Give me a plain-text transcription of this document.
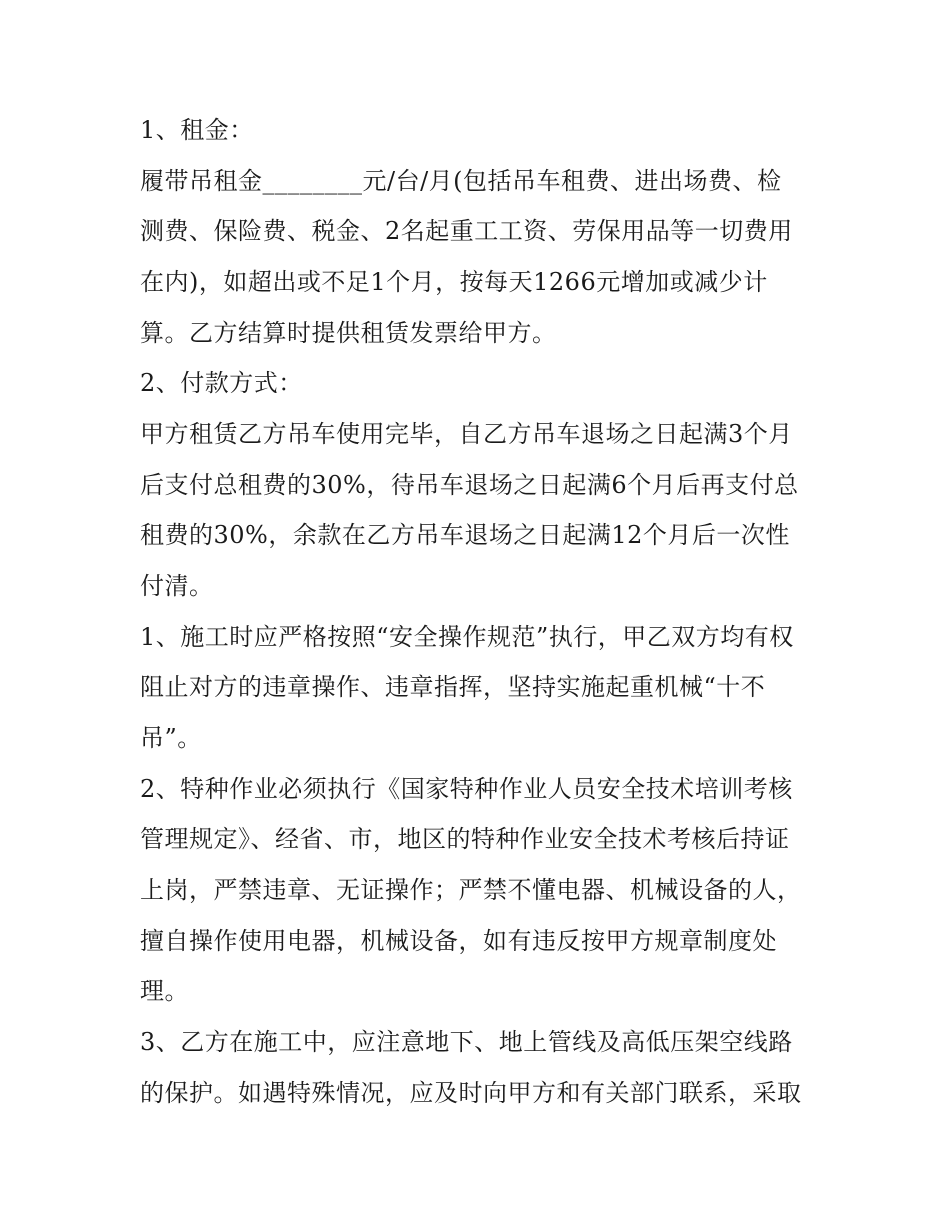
1、租金：
履带吊租金________元/台/月(包括吊车租费、进出场费、检
测费、保险费、税金、2名起重工工资、劳保用品等一切费用
在内)，如超出或不足1个月，按每天1266元增加或减少计
算。乙方结算时提供租赁发票给甲方。
2、付款方式：
甲方租赁乙方吊车使用完毕，自乙方吊车退场之日起满3个月
后支付总租费的30%，待吊车退场之日起满6个月后再支付总
租费的30%，余款在乙方吊车退场之日起满12个月后一次性
付清。
1、施工时应严格按照“安全操作规范”执行，甲乙双方均有权
阻止对方的违章操作、违章指挥，坚持实施起重机械“十不
吊”。
2、特种作业必须执行《国家特种作业人员安全技术培训考核
管理规定》、经省、市，地区的特种作业安全技术考核后持证
上岗，严禁违章、无证操作；严禁不懂电器、机械设备的人，
擅自操作使用电器，机械设备，如有违反按甲方规章制度处
理。
3、乙方在施工中，应注意地下、地上管线及高低压架空线路
的保护。如遇特殊情况，应及时向甲方和有关部门联系，采取
